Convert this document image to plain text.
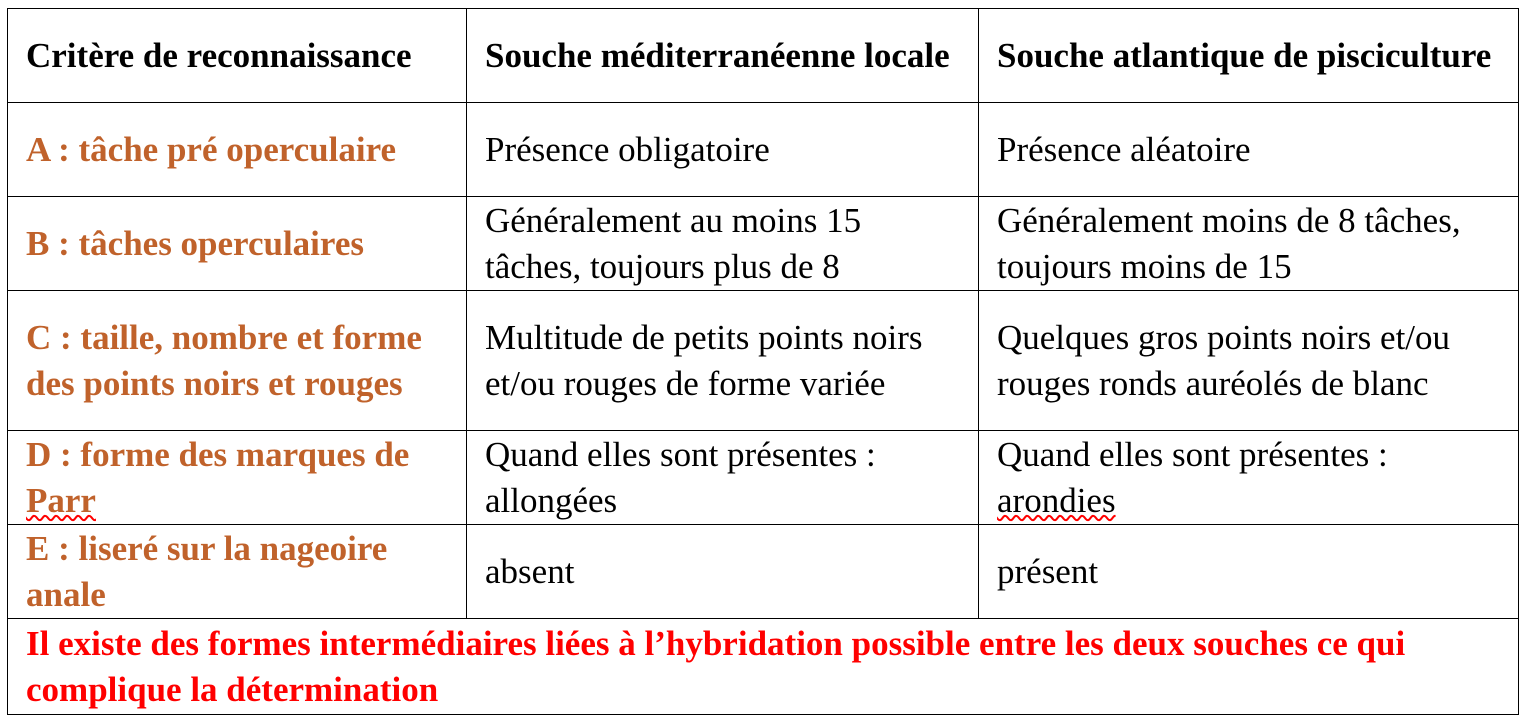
Critère de reconnaissance	Souche méditerranéenne locale	Souche atlantique de pisciculture
A : tâche pré operculaire	Présence obligatoire	Présence aléatoire
B : tâches operculaires	Généralement au moins 15 tâches, toujours plus de 8	Généralement moins de 8 tâches, toujours moins de 15
C : taille, nombre et forme des points noirs et rouges	Multitude de petits points noirs et/ou rouges de forme variée	Quelques gros points noirs et/ou rouges ronds auréolés de blanc
D : forme des marques de Parr	Quand elles sont présentes : allongées	Quand elles sont présentes : arondies
E : liseré sur la nageoire anale	absent	présent
Il existe des formes intermédiaires liées à l’hybridation possible entre les deux souches ce qui complique la détermination		
